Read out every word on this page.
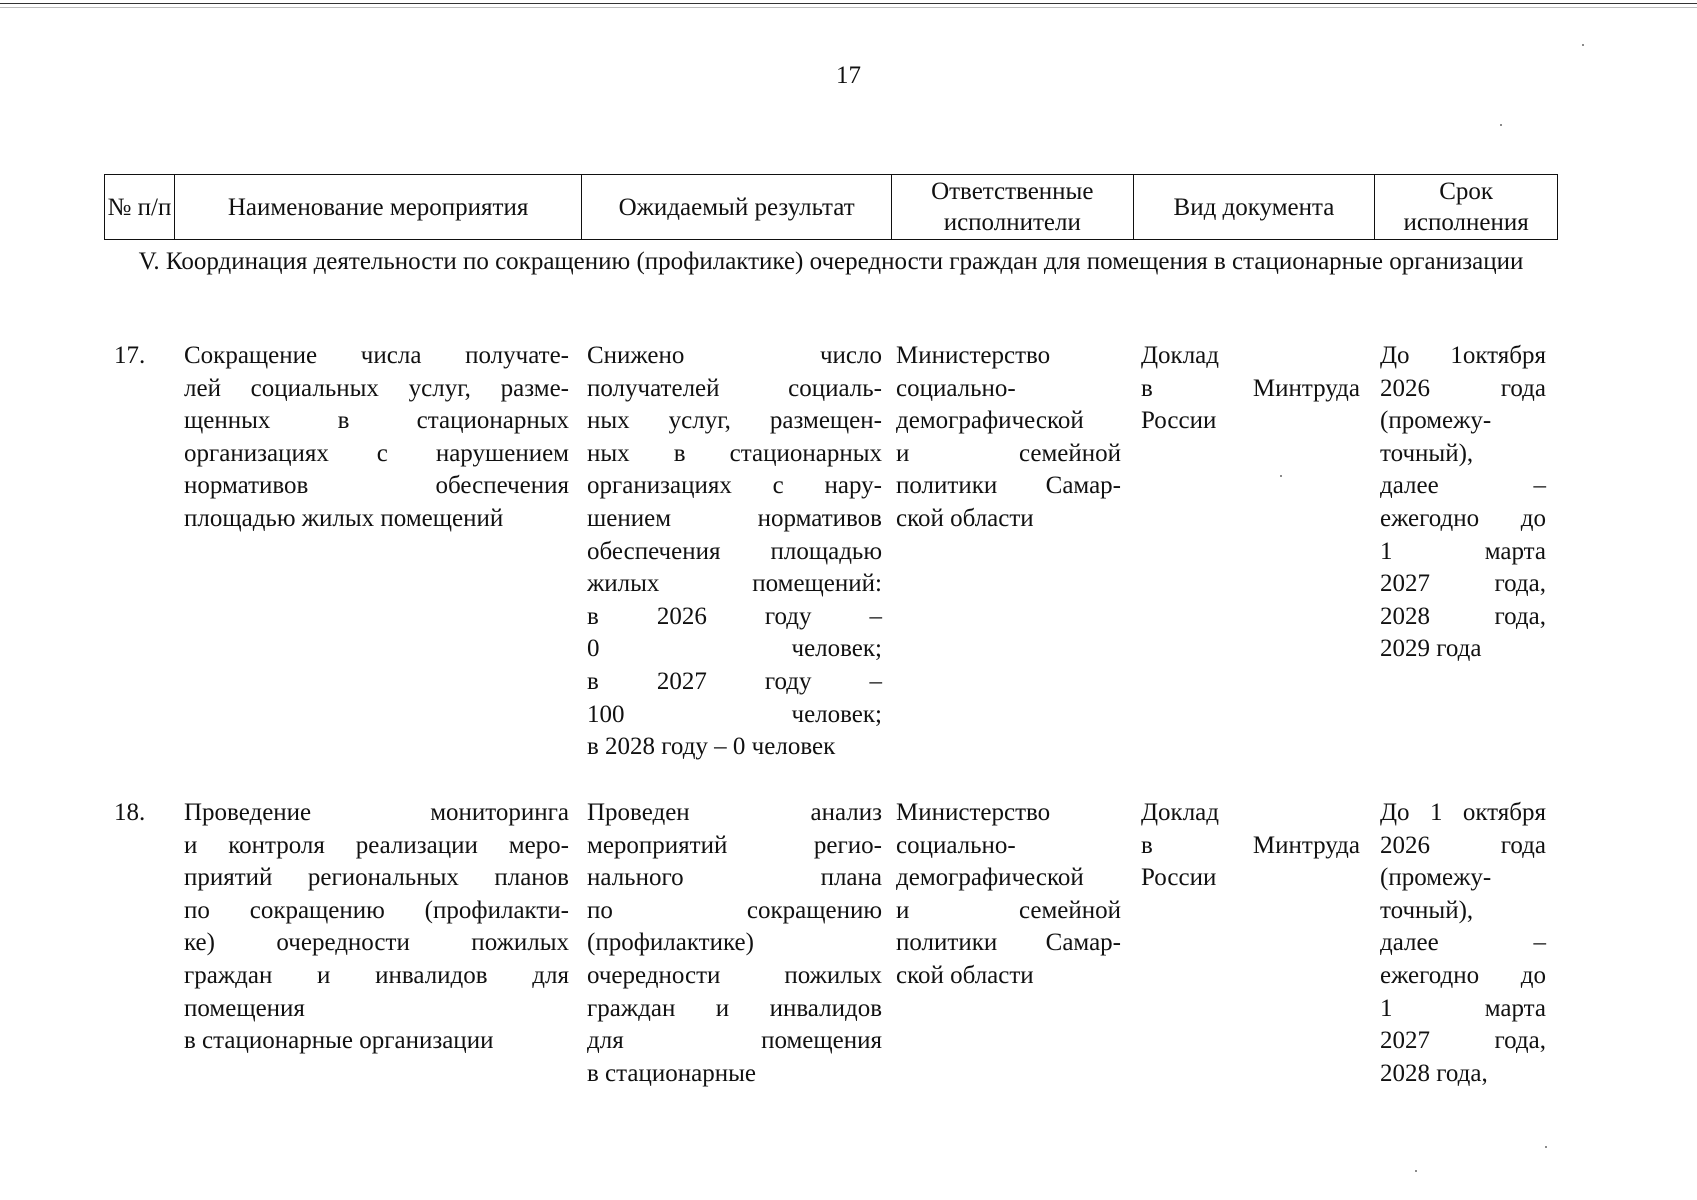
17
№ п/п	Наименование мероприятия	Ожидаемый результат
Ответственные исполнители
Вид документа
Срок исполнения
V. Координация деятельности по сокращению (профилактике) очередности граждан для помещения в стационарные организации
17. Сокращение числа получате-
лей социальных услуг, разме-
щенных в стационарных
организациях с нарушением
нормативов обеспечения
площадью жилых помещений
Снижено число
получателей социаль-
ных услуг, размещен-
ных в стационарных
организациях с нару-
шением нормативов
обеспечения площадью
жилых помещений:
в 2026 году –
0 человек;
в 2027 году –
100 человек;
в 2028 году – 0 человек
Министерство
социально-
демографической
и семейной
политики Самар-
ской области
Доклад
в Минтруда
России
До 1октября
2026 года
(промежу-
точный),
далее –
ежегодно до
1 марта
2027 года,
2028 года,
2029 года
18. Проведение мониторинга
и контроля реализации меро-
приятий региональных планов
по сокращению (профилакти-
ке) очередности пожилых
граждан и инвалидов для
помещения
в стационарные организации
Проведен анализ
мероприятий регио-
нального плана
по сокращению
(профилактике)
очередности пожилых
граждан и инвалидов
для помещения
в стационарные
Министерство
социально-
демографической
и семейной
политики Самар-
ской области
Доклад
в Минтруда
России
До 1 октября
2026 года
(промежу-
точный),
далее –
ежегодно до
1 марта
2027 года,
2028 года,
